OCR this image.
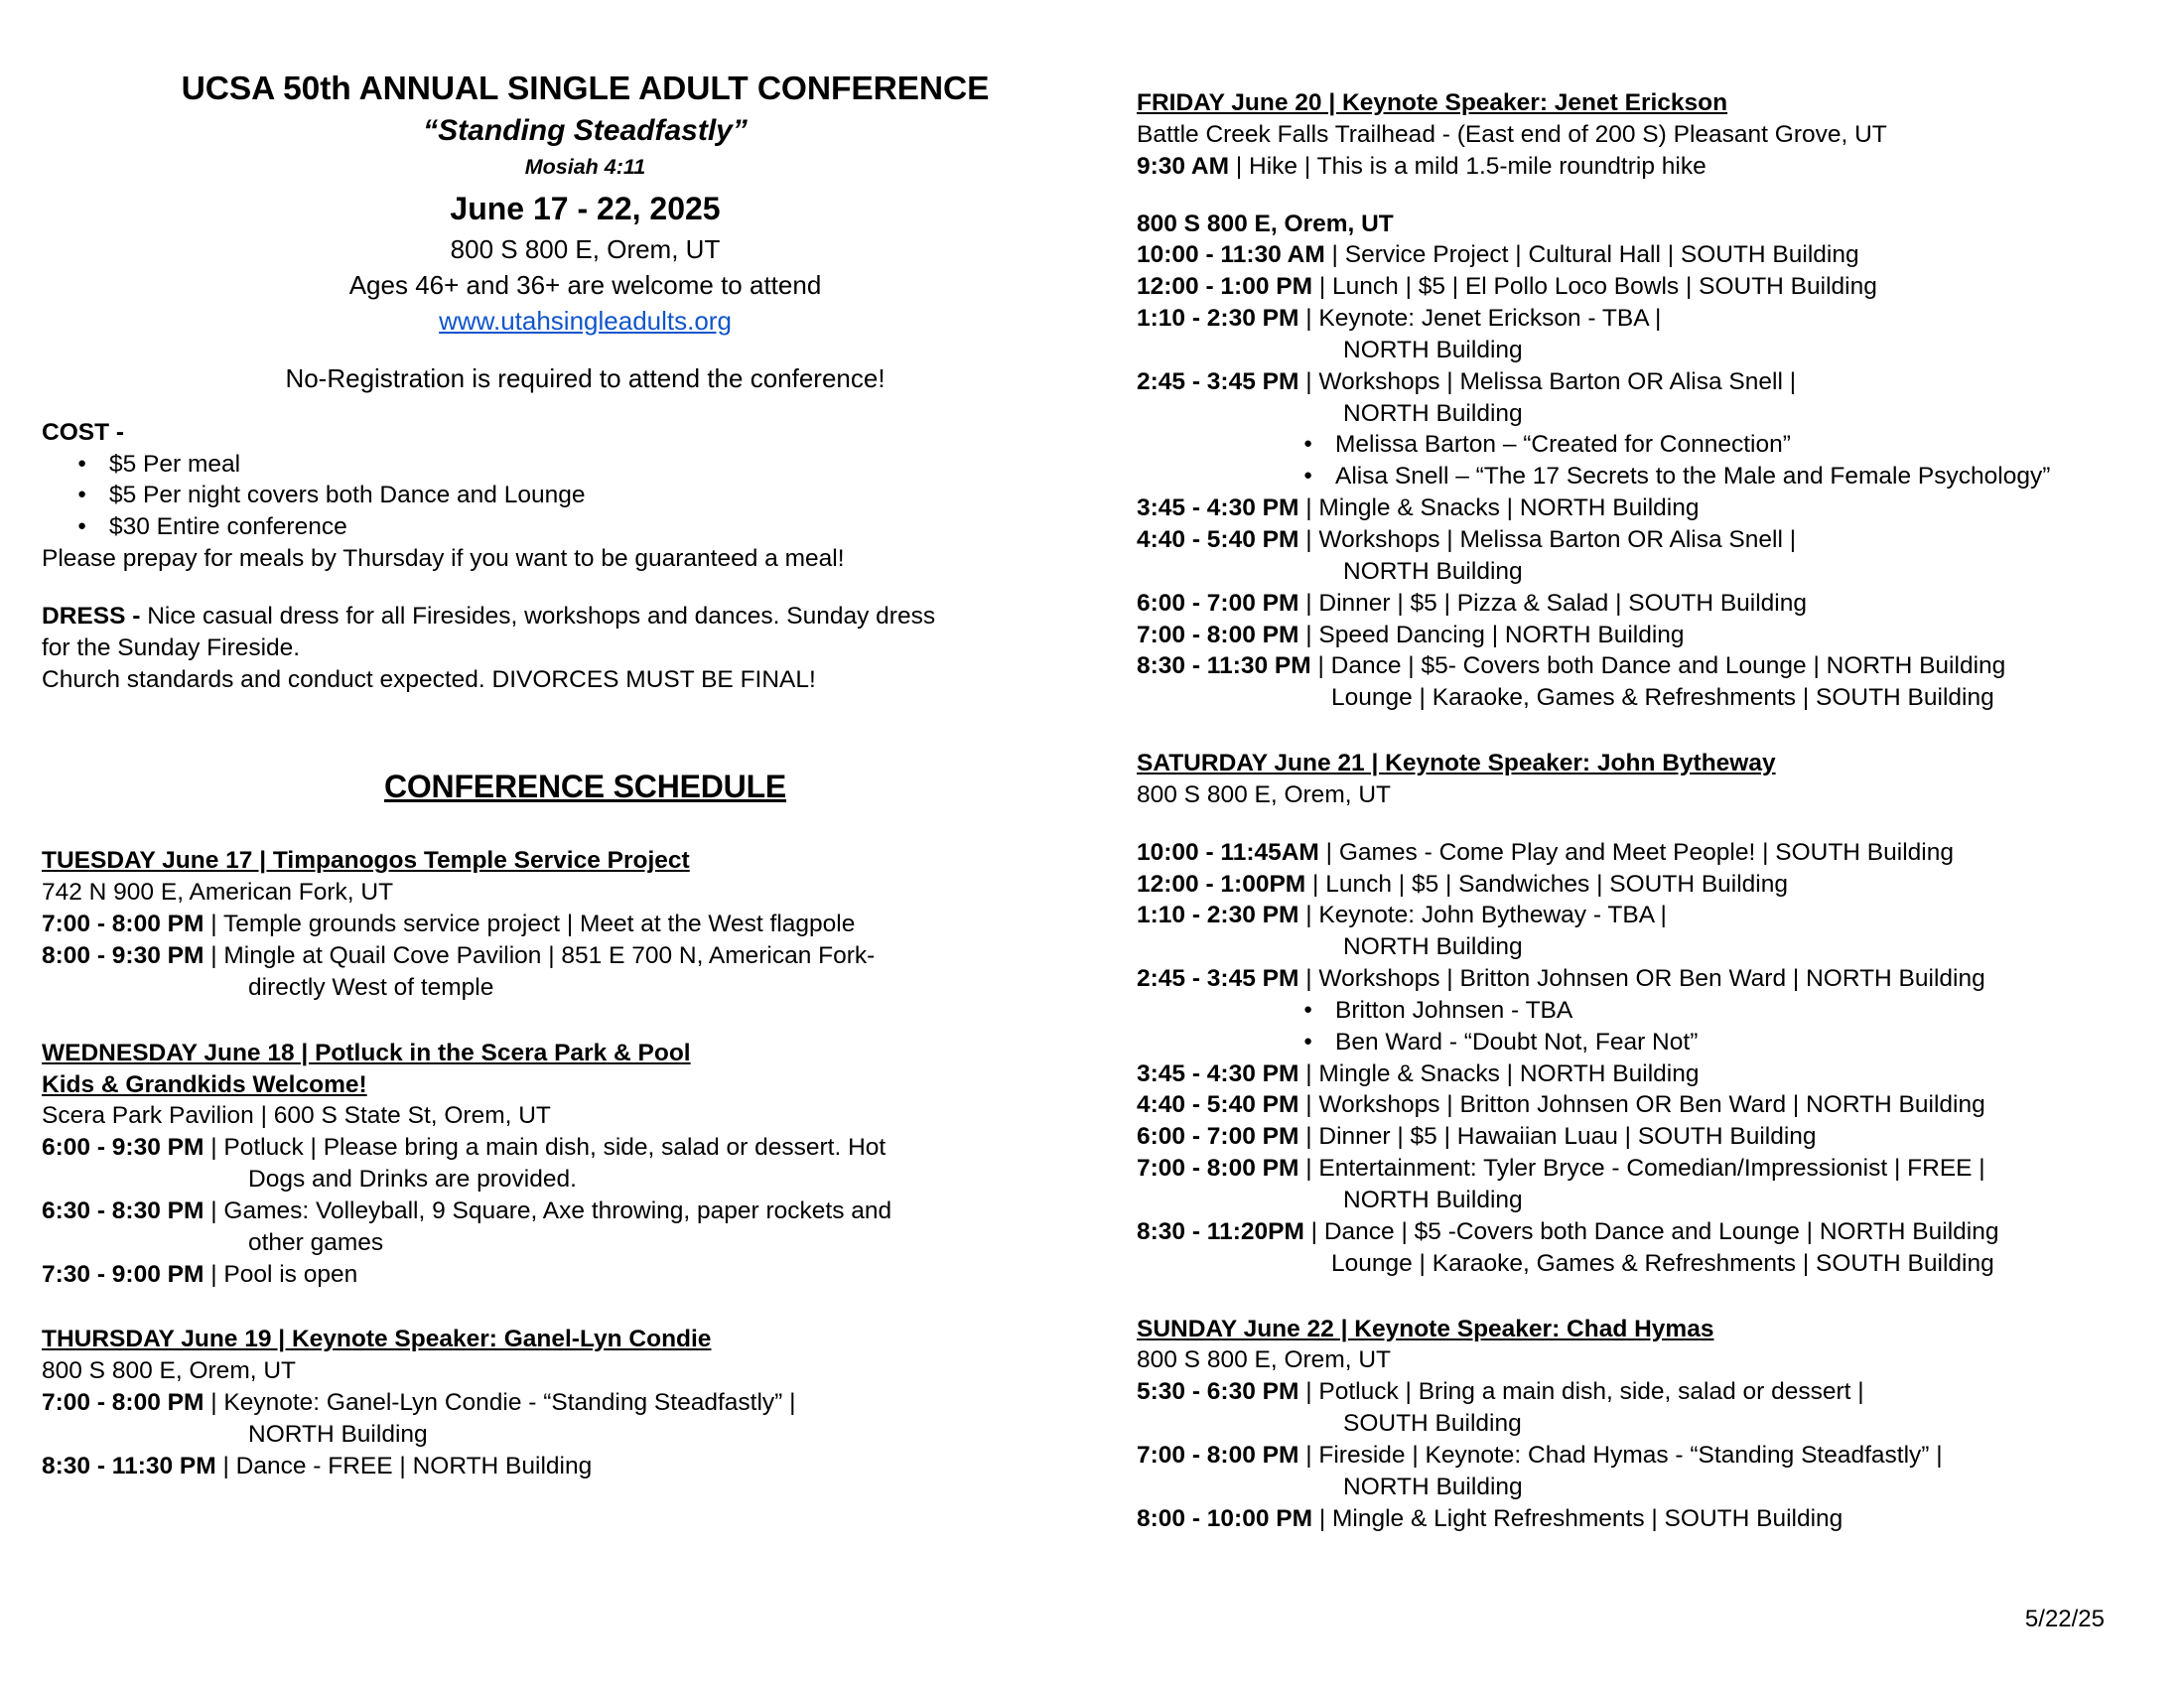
UCSA 50th ANNUAL SINGLE ADULT CONFERENCE
“Standing Steadfastly”
Mosiah 4:11
June 17 - 22, 2025
800 S 800 E, Orem, UT
Ages 46+ and 36+ are welcome to attend
www.utahsingleadults.org
No-Registration is required to attend the conference!
COST -
● $5 Per meal
● $5 Per night covers both Dance and Lounge
● $30 Entire conference
Please prepay for meals by Thursday if you want to be guaranteed a meal!
DRESS - Nice casual dress for all Firesides, workshops and dances. Sunday dress
for the Sunday Fireside.
Church standards and conduct expected. DIVORCES MUST BE FINAL!
CONFERENCE SCHEDULE
TUESDAY June 17 | Timpanogos Temple Service Project
742 N 900 E, American Fork, UT
7:00 - 8:00 PM | Temple grounds service project | Meet at the West flagpole
8:00 - 9:30 PM | Mingle at Quail Cove Pavilion | 851 E 700 N, American Fork-
directly West of temple
WEDNESDAY June 18 | Potluck in the Scera Park & Pool
Kids & Grandkids Welcome!
Scera Park Pavilion | 600 S State St, Orem, UT
6:00 - 9:30 PM | Potluck | Please bring a main dish, side, salad or dessert. Hot
Dogs and Drinks are provided.
6:30 - 8:30 PM | Games: Volleyball, 9 Square, Axe throwing, paper rockets and
other games
7:30 - 9:00 PM | Pool is open
THURSDAY June 19 | Keynote Speaker: Ganel-Lyn Condie
800 S 800 E, Orem, UT
7:00 - 8:00 PM | Keynote: Ganel-Lyn Condie - “Standing Steadfastly” |
NORTH Building
8:30 - 11:30 PM | Dance - FREE | NORTH Building
FRIDAY June 20 | Keynote Speaker: Jenet Erickson
Battle Creek Falls Trailhead - (East end of 200 S) Pleasant Grove, UT
9:30 AM | Hike | This is a mild 1.5-mile roundtrip hike
800 S 800 E, Orem, UT
10:00 - 11:30 AM | Service Project | Cultural Hall | SOUTH Building
12:00 - 1:00 PM | Lunch | $5 | El Pollo Loco Bowls | SOUTH Building
1:10 - 2:30 PM | Keynote: Jenet Erickson - TBA |
NORTH Building
2:45 - 3:45 PM | Workshops | Melissa Barton OR Alisa Snell |
NORTH Building
● Melissa Barton – “Created for Connection”
● Alisa Snell – “The 17 Secrets to the Male and Female Psychology”
3:45 - 4:30 PM | Mingle & Snacks | NORTH Building
4:40 - 5:40 PM | Workshops | Melissa Barton OR Alisa Snell |
NORTH Building
6:00 - 7:00 PM | Dinner | $5 | Pizza & Salad | SOUTH Building
7:00 - 8:00 PM | Speed Dancing | NORTH Building
8:30 - 11:30 PM | Dance | $5- Covers both Dance and Lounge | NORTH Building
Lounge | Karaoke, Games & Refreshments | SOUTH Building
SATURDAY June 21 | Keynote Speaker: John Bytheway
800 S 800 E, Orem, UT
10:00 - 11:45AM | Games - Come Play and Meet People! | SOUTH Building
12:00 - 1:00PM | Lunch | $5 | Sandwiches | SOUTH Building
1:10 - 2:30 PM | Keynote: John Bytheway - TBA |
NORTH Building
2:45 - 3:45 PM | Workshops | Britton Johnsen OR Ben Ward | NORTH Building
● Britton Johnsen - TBA
● Ben Ward - “Doubt Not, Fear Not”
3:45 - 4:30 PM | Mingle & Snacks | NORTH Building
4:40 - 5:40 PM | Workshops | Britton Johnsen OR Ben Ward | NORTH Building
6:00 - 7:00 PM | Dinner | $5 | Hawaiian Luau | SOUTH Building
7:00 - 8:00 PM | Entertainment: Tyler Bryce - Comedian/Impressionist | FREE |
NORTH Building
8:30 - 11:20PM | Dance | $5 -Covers both Dance and Lounge | NORTH Building
Lounge | Karaoke, Games & Refreshments | SOUTH Building
SUNDAY June 22 | Keynote Speaker: Chad Hymas
800 S 800 E, Orem, UT
5:30 - 6:30 PM | Potluck | Bring a main dish, side, salad or dessert |
SOUTH Building
7:00 - 8:00 PM | Fireside | Keynote: Chad Hymas - “Standing Steadfastly” |
NORTH Building
8:00 - 10:00 PM | Mingle & Light Refreshments | SOUTH Building
5/22/25
